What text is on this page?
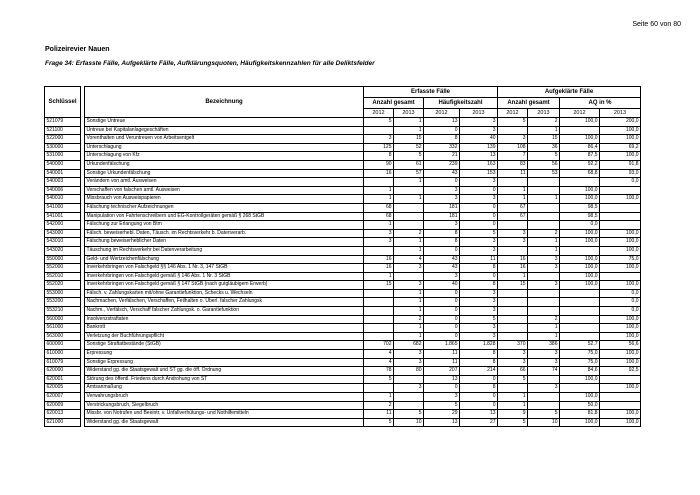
Seite 60 von 80
Polizeirevier Nauen
Frage 34: Erfasste Fälle, Aufgeklärte Fälle, Aufklärungsquoten, Häufigkeitskennzahlen für alle Deliktsfelder
Schlüssel		Bezeichnung	Erfasste Fälle				Aufgeklärte Fälle			
			Anzahl gesamt		Häufigkeitszahl		Anzahl gesamt		AQ in %	
			2012	2013	2012	2013	2012	2013	2012	2013
521079		Sonstige Untreue	5	1	13	3	5	2	100,0	200,0
521100		Untreue bei Kapitalanlagegeschäften		1	0	3		1		100,0
522000		Vorenthalten und Veruntreuen von Arbeitsentgelt	3	15	8	40	3	15	100,0	100,0
530000		Unterschlagung	125	52	332	139	108	36	86,4	69,2
531000		Unterschlagung von Kfz	8	5	21	13	7	5	87,5	100,0
540000		Urkundenfälschung	90	61	239	163	83	56	92,2	91,8
540001		Sonstige Urkundenfälschung	16	57	43	153	11	53	68,8	93,0
540003		Verändern von amtl. Ausweisen		1	0	3				0,0
540006		Verschaffen von falschen amtl. Ausweisen	1		3	0	1		100,0	
540010		Missbrauch von Ausweispapieren	1	1	3	3	1	1	100,0	100,0
541000		Fälschung technischer Aufzeichnungen	68		181	0	67		98,5	
541001		Manipulation von Fahrtenschreibern und EG-Kontrollgeräten gemäß § 268 StGB	68		181	0	67		98,5	
542000		Fälschung zur Erlangung von Btm	1		3	0			0,0	
543000		Fälsch. beweiserhebl. Daten, Täusch. im Rechtsverkehr b. Datenverarb.	3	2	8	5	3	2	100,0	100,0
543010		Fälschung beweiserheblicher Daten	3	1	8	3	3	1	100,0	100,0
543020		Täuschung im Rechtsverkehr bei Datenverarbeitung		1	0	3		1		100,0
550000		Geld- und Wertzeichenfälschung	16	4	43	11	16	3	100,0	75,0
552000		Inverkehrbringen von Falschgeld §§ 146 Abs. 1 Nr. 3, 147 StGB	16	3	43	8	16	3	100,0	100,0
552010		Inverkehrbringen von Falschgeld gemäß § 146 Abs. 1 Nr. 3 StGB	1		3	0	1		100,0	
552020		Inverkehrbringen von Falschgeld gemäß § 147 StGB (nach gutgläubigem Erwerb)	15	3	40	8	15	3	100,0	100,0
553000		Fälsch. v. Zahlungskarten mit/ohne Garantiefunktion, Schecks u. Wechseln		1	0	3				0,0
553200		Nachmachen, Verfälschen, Verschaffen, Feilhalten o. Überl. falscher Zahlungsk		1	0	3				0,0
553210		Nachm., Verfälsch, Verschaff falscher Zahlungsk. o. Garantiefunktion		1	0	3				0,0
560000		Insolvenzstraftaten		2	0	5		2		100,0
561000		Bankrott		1	0	3		1		100,0
563000		Verletzung der Buchführungspflicht		1	0	3		1		100,0
600000		Sonstige Straftatbestände (StGB)	702	682	1.865	1.828	370	386	52,7	56,6
610000		Erpressung	4	3	11	8	3	3	75,0	100,0
610079		Sonstige Erpressung	4	3	11	8	3	3	75,0	100,0
620000		Widerstand gg. die Staatsgewalt und ST gg. die öff. Ordnung	78	80	207	214	66	74	84,6	92,5
620001		Störung des öffentl. Friedens durch Androhung von ST	5		13	0	5		100,0	
620005		Amtsanmaßung		3	0	8		3		100,0
620007		Verwahrungsbruch	1		3	0	1		100,0	
620009		Verstrickungsbruch, Siegelbruch	2		5	0	1		50,0	
620013		Missbr. von Notrufen und Beeintr. v. Unfallverhütungs- und Nothilfemitteln	11	5	29	13	9	5	81,8	100,0
621000		Widerstand gg. die Staatsgewalt	5	10	13	27	5	10	100,0	100,0
